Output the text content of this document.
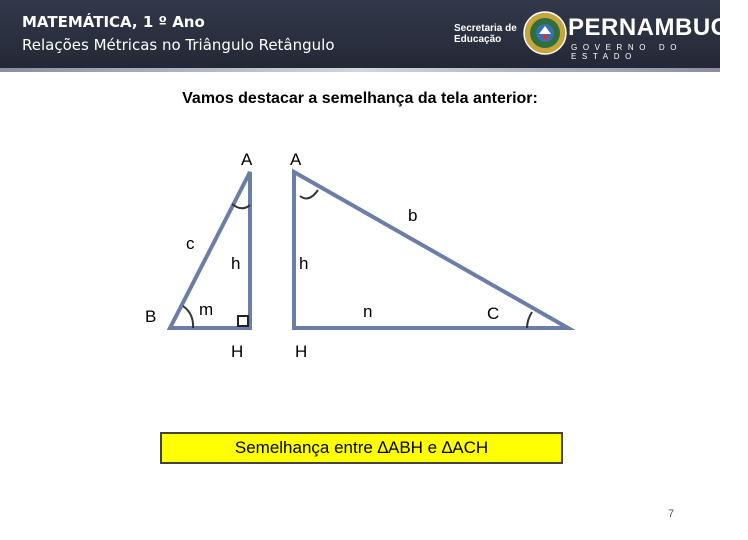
MATEMÁTICA, 1 º Ano
Relações Métricas no Triângulo Retângulo
Secretaria de
Educação	PERNAMBUCO
GOVERNO DO ESTADO
Vamos destacar a semelhança da tela anterior:
A
c
h
B	m
H
A
b
h
n	C
H
Semelhança entre ∆ABH e ∆ACH
7
